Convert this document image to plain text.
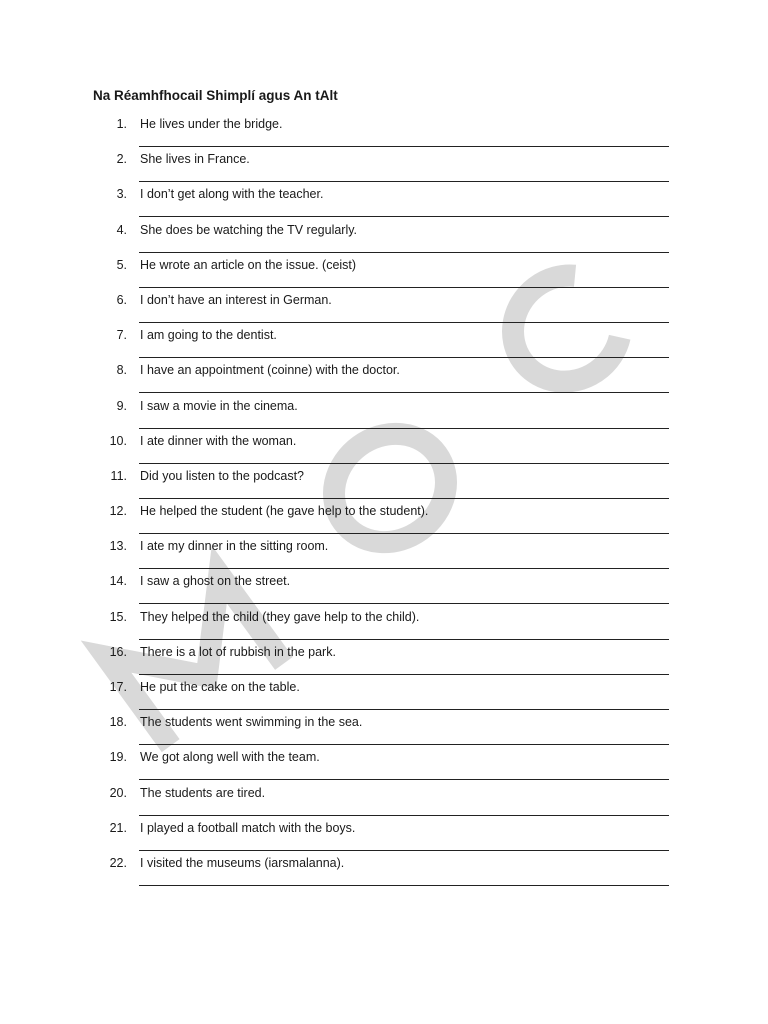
Na Réamhfhocail Shimplí agus An tAlt
1. He lives under the bridge.
2. She lives in France.
3. I don’t get along with the teacher.
4. She does be watching the TV regularly.
5. He wrote an article on the issue. (ceist)
6. I don’t have an interest in German.
7. I am going to the dentist.
8. I have an appointment (coinne) with the doctor.
9. I saw a movie in the cinema.
10. I ate dinner with the woman.
11. Did you listen to the podcast?
12. He helped the student (he gave help to the student).
13. I ate my dinner in the sitting room.
14. I saw a ghost on the street.
15. They helped the child (they gave help to the child).
16. There is a lot of rubbish in the park.
17. He put the cake on the table.
18. The students went swimming in the sea.
19. We got along well with the team.
20. The students are tired.
21. I played a football match with the boys.
22. I visited the museums (iarsmalanna).
